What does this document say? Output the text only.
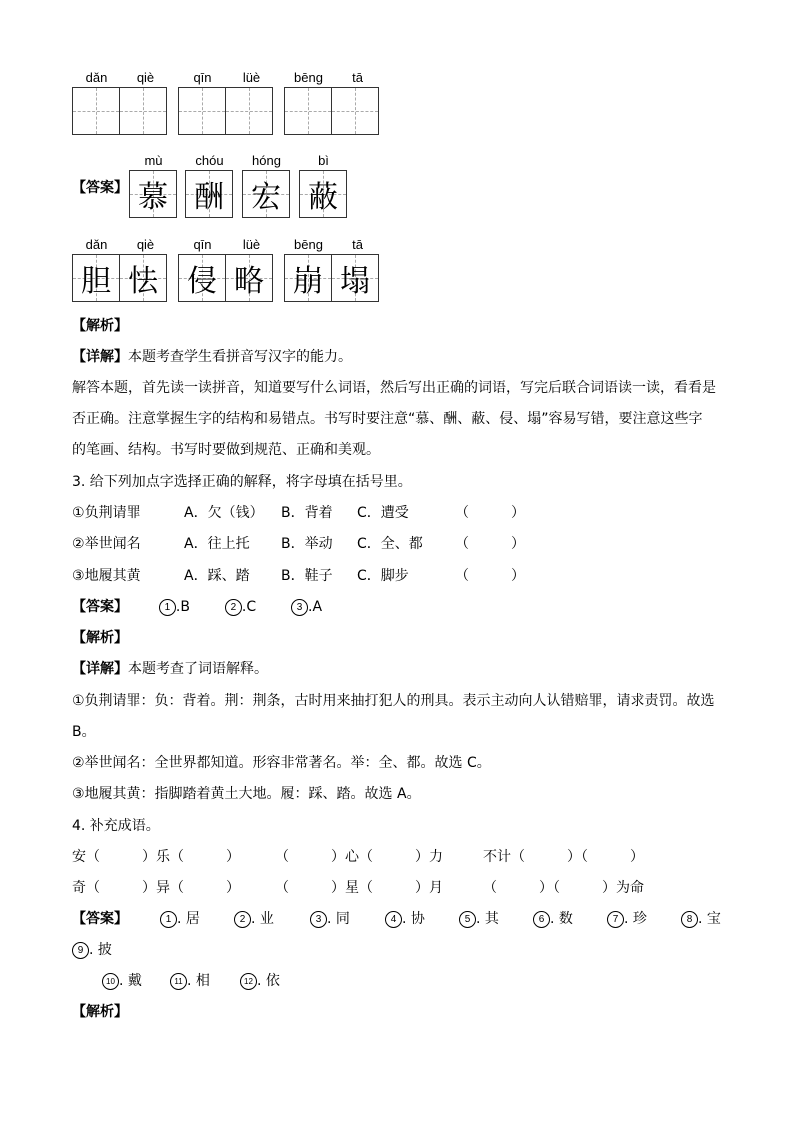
dǎn	qiè	qīn	lüè	bēng	tā
【答案】
mù	chóu	hóng	bì
慕 酬 宏 蔽
dǎn	qiè	qīn	lüè	bēng	tā
胆 怯 侵 略 崩 塌
【解析】
【详解】本题考查学生看拼音写汉字的能力。
解答本题，首先读一读拼音，知道要写什么词语，然后写出正确的词语，写完后联合词语读一读，看看是
否正确。注意掌握生字的结构和易错点。书写时要注意“慕、酬、蔽、侵、塌”容易写错，要注意这些字
的笔画、结构。书写时要做到规范、正确和美观。
3. 给下列加点字选择正确的解释，将字母填在括号里。
①负荆请罪	A．欠（钱） B．背着 C．遭受	（　　　）
②举世闻名	A．往上托 B．举动 C．全、都 （　　　）
③地履其黄	A．踩、踏 B．鞋子 C．脚步	（　　　）
【答案】	1 .B	2 .C	3 .A
【解析】
【详解】本题考查了词语解释。
①负荆请罪：负：背着。荆：荆条，古时用来抽打犯人的刑具。表示主动向人认错赔罪，请求责罚。故选
B。
②举世闻名：全世界都知道。形容非常著名。举：全、都。故选 C。
③地履其黄：指脚踏着黄土大地。履：踩、踏。故选 A。
4. 补充成语。
安（　　　）乐（　　　）	（　　　）心（　　　）力	不计（　　　）（　　　）
奇（　　　）异（　　　）	（　　　）星（　　　）月	（　　　）（　　　）为命
【答案】	1 . 居	2 . 业	3 . 同	4 . 协	5 . 其	6 . 数	7 . 珍	8 . 宝
9 . 披
10 . 戴	11 . 相	12 . 依
【解析】
